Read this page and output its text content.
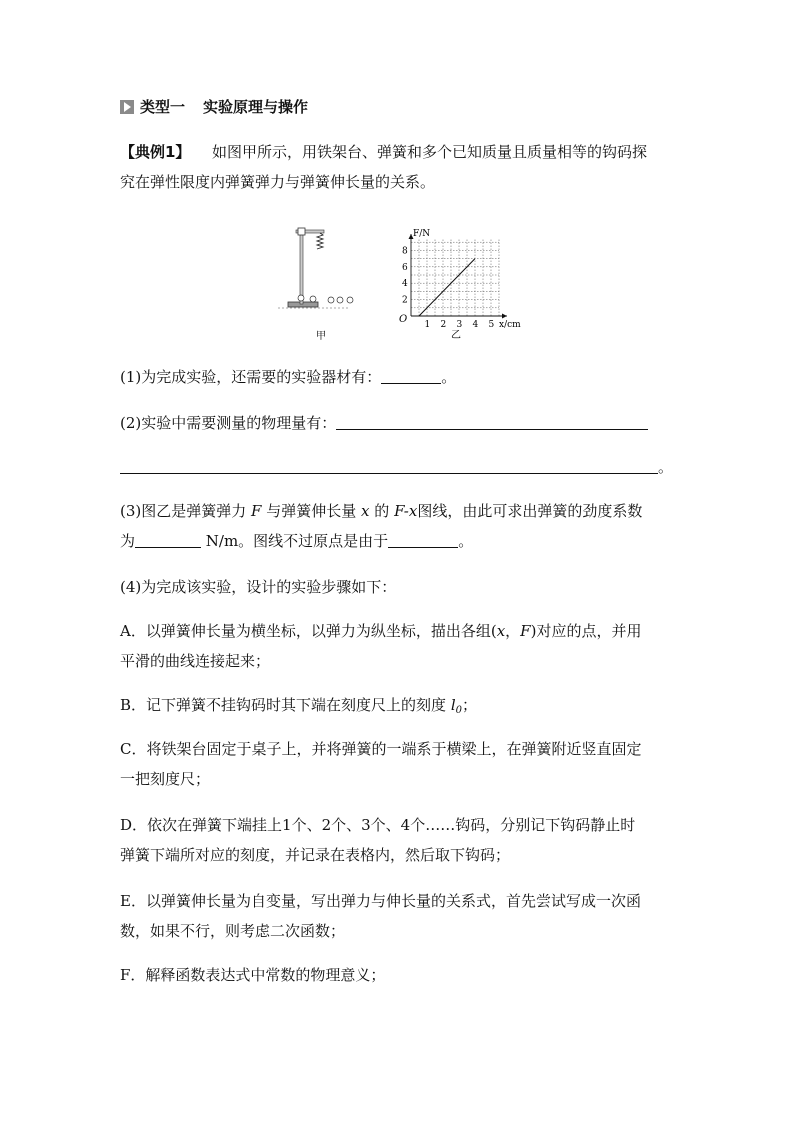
类型一 实验原理与操作
【典例1】 如图甲所示，用铁架台、弹簧和多个已知质量且质量相等的钩码探
究在弹性限度内弹簧弹力与弹簧伸长量的关系。
甲
1 2 3 4 5
2
4
6
8
O
F/N
x/cm
乙
(1)为完成实验，还需要的实验器材有：	。
(2)实验中需要测量的物理量有：
。
(3)图乙是弹簧弹力 F 与弹簧伸长量 x 的 F-x图线，由此可求出弹簧的劲度系数
为	N/m。图线不过原点是由于	。
(4)为完成该实验，设计的实验步骤如下：
A．以弹簧伸长量为横坐标，以弹力为纵坐标，描出各组(x，F)对应的点，并用
平滑的曲线连接起来；
B．记下弹簧不挂钩码时其下端在刻度尺上的刻度 $l_0$；
C．将铁架台固定于桌子上，并将弹簧的一端系于横梁上，在弹簧附近竖直固定
一把刻度尺；
D．依次在弹簧下端挂上1个、2个、3个、4个……钩码，分别记下钩码静止时
弹簧下端所对应的刻度，并记录在表格内，然后取下钩码；
E．以弹簧伸长量为自变量，写出弹力与伸长量的关系式，首先尝试写成一次函
数，如果不行，则考虑二次函数；
F．解释函数表达式中常数的物理意义；
